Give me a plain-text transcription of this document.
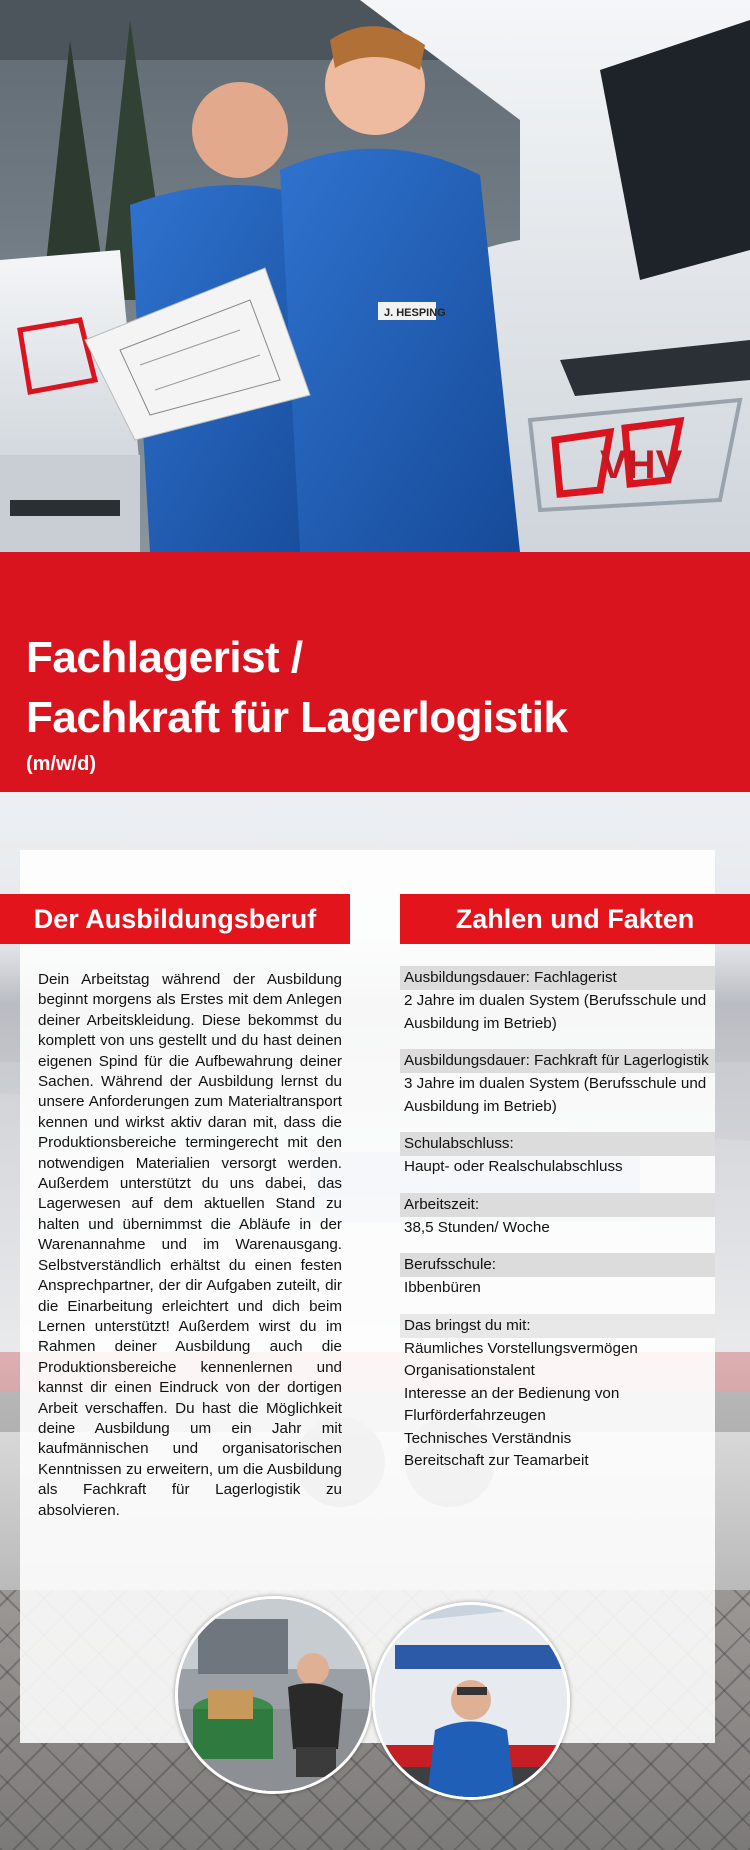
VHV
J. HESPING
Fachlagerist /
Fachkraft für Lagerlogistik
(m/w/d)
Der Ausbildungsberuf	Zahlen und Fakten
Dein Arbeitstag während der Ausbildung beginnt morgens als Erstes mit dem Anlegen deiner Arbeitskleidung. Diese bekommst du komplett von uns gestellt und du hast deinen eigenen Spind für die Aufbewahrung deiner Sachen. Während der Ausbildung lernst du unsere Anforderungen zum Materialtransport kennen und wirkst aktiv daran mit, dass die Produktionsbereiche termingerecht mit den notwendigen Materialien versorgt werden. Außerdem unterstützt du uns dabei, das Lagerwesen auf dem aktuellen Stand zu halten und übernimmst die Abläufe in der Warenannahme und im Warenausgang. Selbstverständlich erhältst du einen festen Ansprechpartner, der dir Aufgaben zuteilt, dir die Einarbeitung erleichtert und dich beim Lernen unterstützt! Außerdem wirst du im Rahmen deiner Ausbildung auch die Produktionsbereiche kennenlernen und kannst dir einen Eindruck von der dortigen Arbeit verschaffen. Du hast die Möglichkeit deine Ausbildung um ein Jahr mit kaufmännischen und organisatorischen Kenntnissen zu erweitern, um die Ausbildung als Fachkraft für Lagerlogistik zu absolvieren.
Ausbildungsdauer: Fachlagerist
2 Jahre im dualen System (Berufsschule und Ausbildung im Betrieb)
Ausbildungsdauer: Fachkraft für Lagerlogistik
3 Jahre im dualen System (Berufsschule und Ausbildung im Betrieb)
Schulabschluss:
Haupt- oder Realschulabschluss
Arbeitszeit:
38,5 Stunden/ Woche
Berufsschule:
Ibbenbüren
Das bringst du mit:
Räumliches Vorstellungsvermögen
Organisationstalent
Interesse an der Bedienung von Flurförderfahrzeugen
Technisches Verständnis
Bereitschaft zur Teamarbeit
